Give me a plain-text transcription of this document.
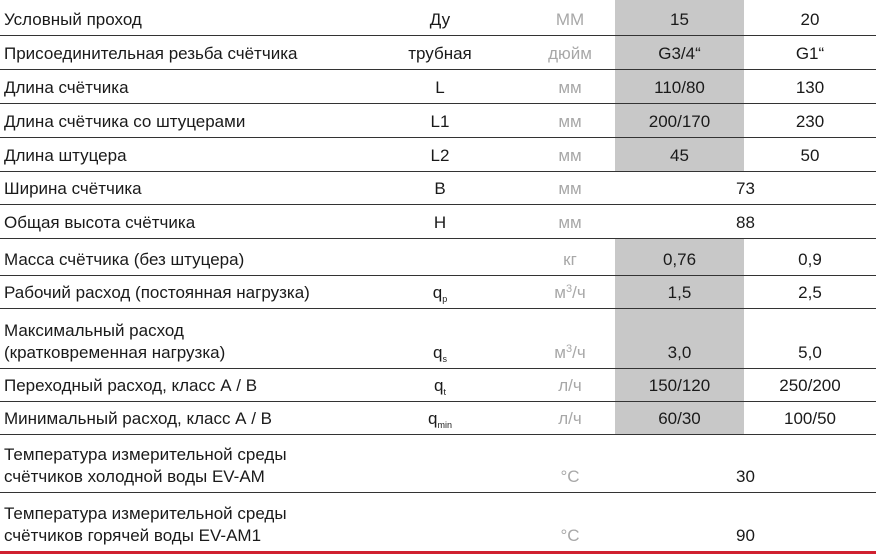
Условный проход	Ду	ММ	15	20
Присоединительная резьба счётчика	трубная	дюйм	G3/4“	G1“
Длина счётчика	L	мм	110/80	130
Длина счётчика со штуцерами	L1	мм	200/170	230
Длина штуцера	L2	мм	45	50
Ширина счётчика	B	мм	73	
Общая высота счётчика	H	мм	88	
Масса счётчика (без штуцера)		кг	0,76	0,9
Рабочий расход (постоянная нагрузка)	$q_p$	$м^3/ч$	1,5	2,5

Максимальный расход
(кратковременная нагрузка)	$q_s$	$м^3/ч$	3,0	5,0
Переходный расход, класс А / В	$q_t$	л/ч	150/120	250/200
Минимальный расход, класс А / В	$q_{min}$	л/ч	60/30	100/50

Температура измерительной среды
счётчиков холодной воды EV-AM		°C	30	

Температура измерительной среды
счётчиков горячей воды EV-AM1		°C	90	
